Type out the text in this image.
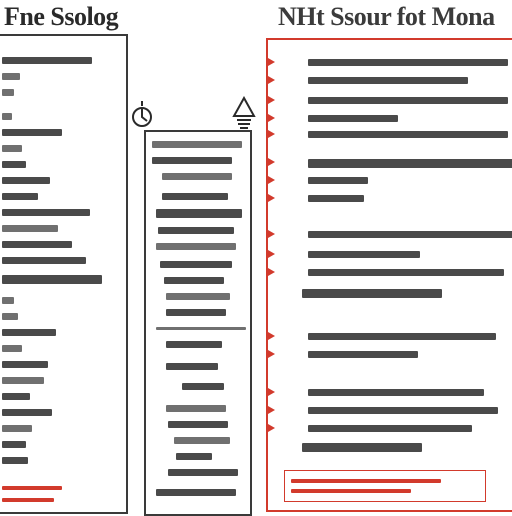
Fne Ssolog	NHt Ssour fot Mona
